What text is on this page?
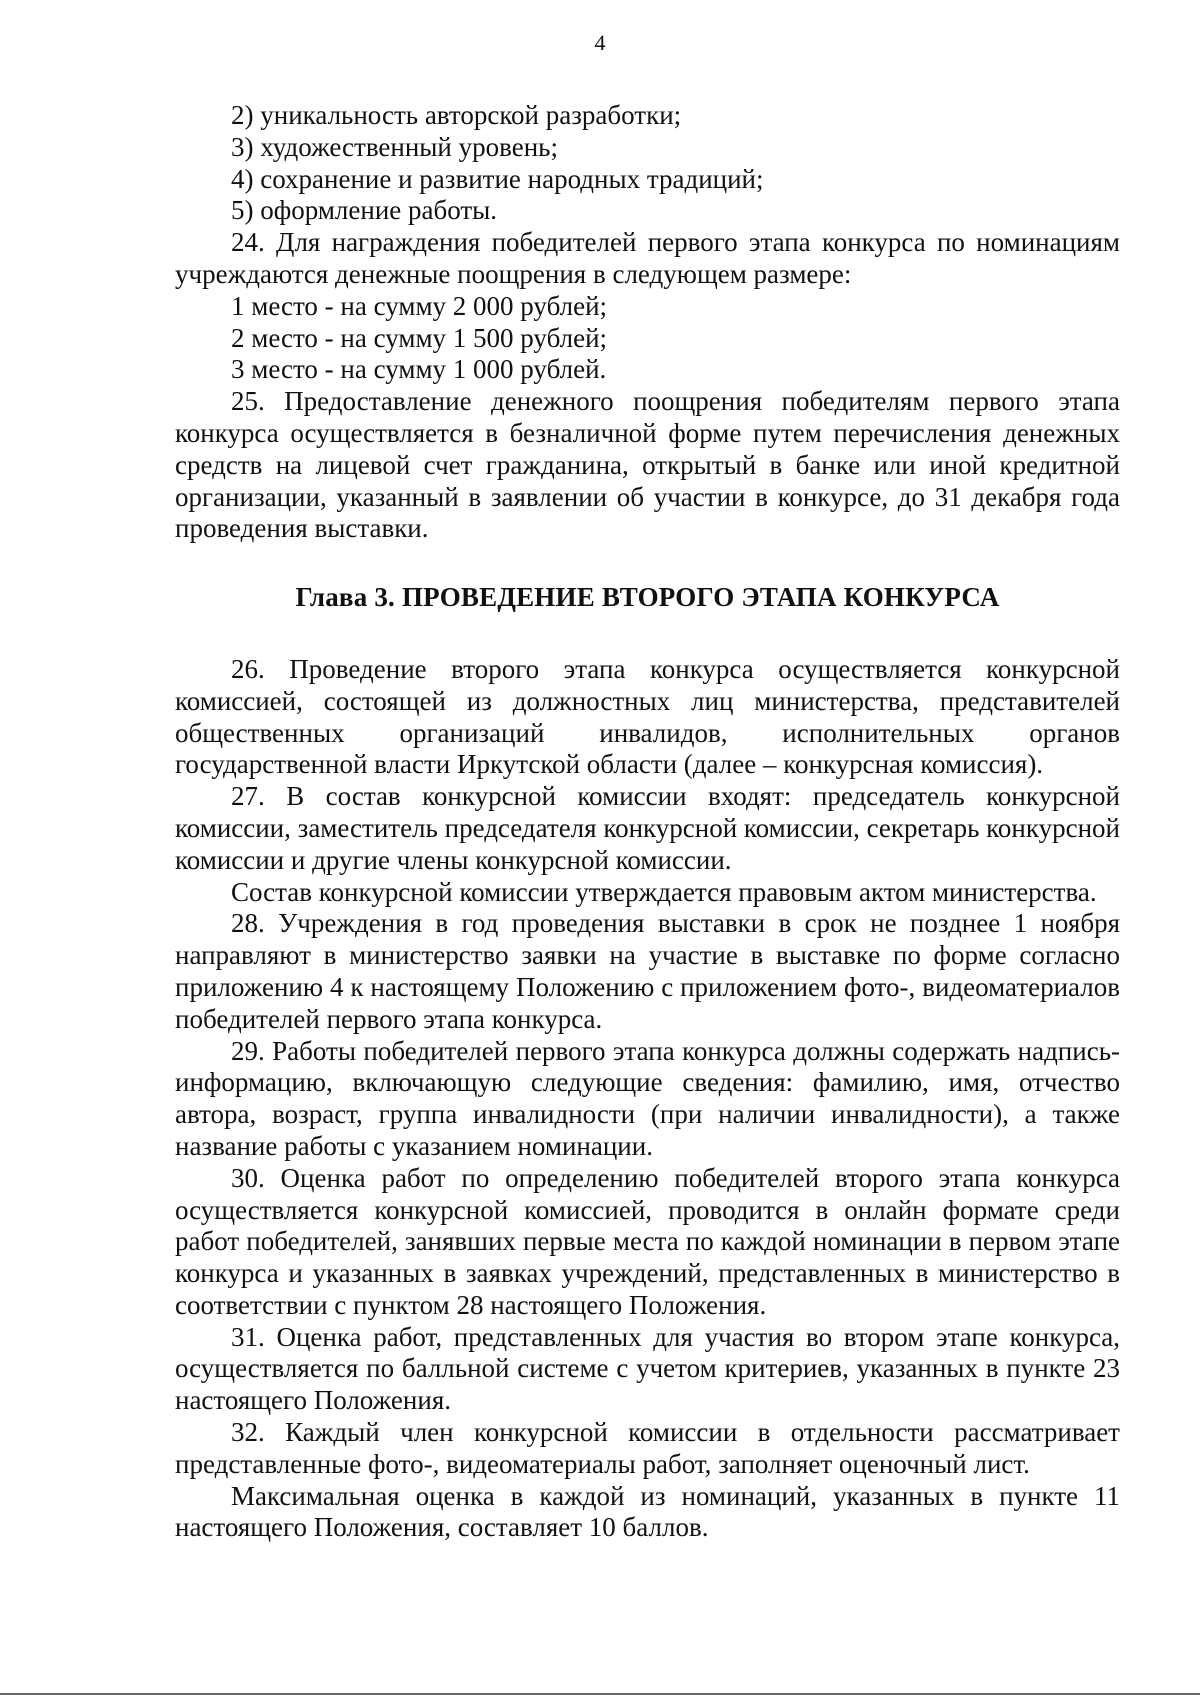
4

2) уникальность авторской разработки;

3) художественный уровень;

4) сохранение и развитие народных традиций;

5) оформление работы.

24. Для награждения победителей первого этапа конкурса по номинациям учреждаются денежные поощрения в следующем размере:

1 место - на сумму 2 000 рублей;

2 место - на сумму 1 500 рублей;

3 место - на сумму 1 000 рублей.

25. Предоставление денежного поощрения победителям первого этапа конкурса осуществляется в безналичной форме путем перечисления денежных средств на лицевой счет гражданина, открытый в банке или иной кредитной организации, указанный в заявлении об участии в конкурсе, до 31 декабря года проведения выставки.

Глава 3. ПРОВЕДЕНИЕ ВТОРОГО ЭТАПА КОНКУРСА

26. Проведение второго этапа конкурса осуществляется конкурсной комиссией, состоящей из должностных лиц министерства, представителей общественных организаций инвалидов, исполнительных органов государственной власти Иркутской области (далее – конкурсная комиссия).

27. В состав конкурсной комиссии входят: председатель конкурсной комиссии, заместитель председателя конкурсной комиссии, секретарь конкурсной комиссии и другие члены конкурсной комиссии.

Состав конкурсной комиссии утверждается правовым актом министерства.

28. Учреждения в год проведения выставки в срок не позднее 1 ноября направляют в министерство заявки на участие в выставке по форме согласно приложению 4 к настоящему Положению с приложением фото-, видеоматериалов победителей первого этапа конкурса.

29. Работы победителей первого этапа конкурса должны содержать надпись-информацию, включающую следующие сведения: фамилию, имя, отчество автора, возраст, группа инвалидности (при наличии инвалидности), а также название работы с указанием номинации.

30. Оценка работ по определению победителей второго этапа конкурса осуществляется конкурсной комиссией, проводится в онлайн формате среди работ победителей, занявших первые места по каждой номинации в первом этапе конкурса и указанных в заявках учреждений, представленных в министерство в соответствии с пунктом 28 настоящего Положения.

31. Оценка работ, представленных для участия во втором этапе конкурса, осуществляется по балльной системе с учетом критериев, указанных в пункте 23 настоящего Положения.

32. Каждый член конкурсной комиссии в отдельности рассматривает представленные фото-, видеоматериалы работ, заполняет оценочный лист.

Максимальная оценка в каждой из номинаций, указанных в пункте 11 настоящего Положения, составляет 10 баллов.
